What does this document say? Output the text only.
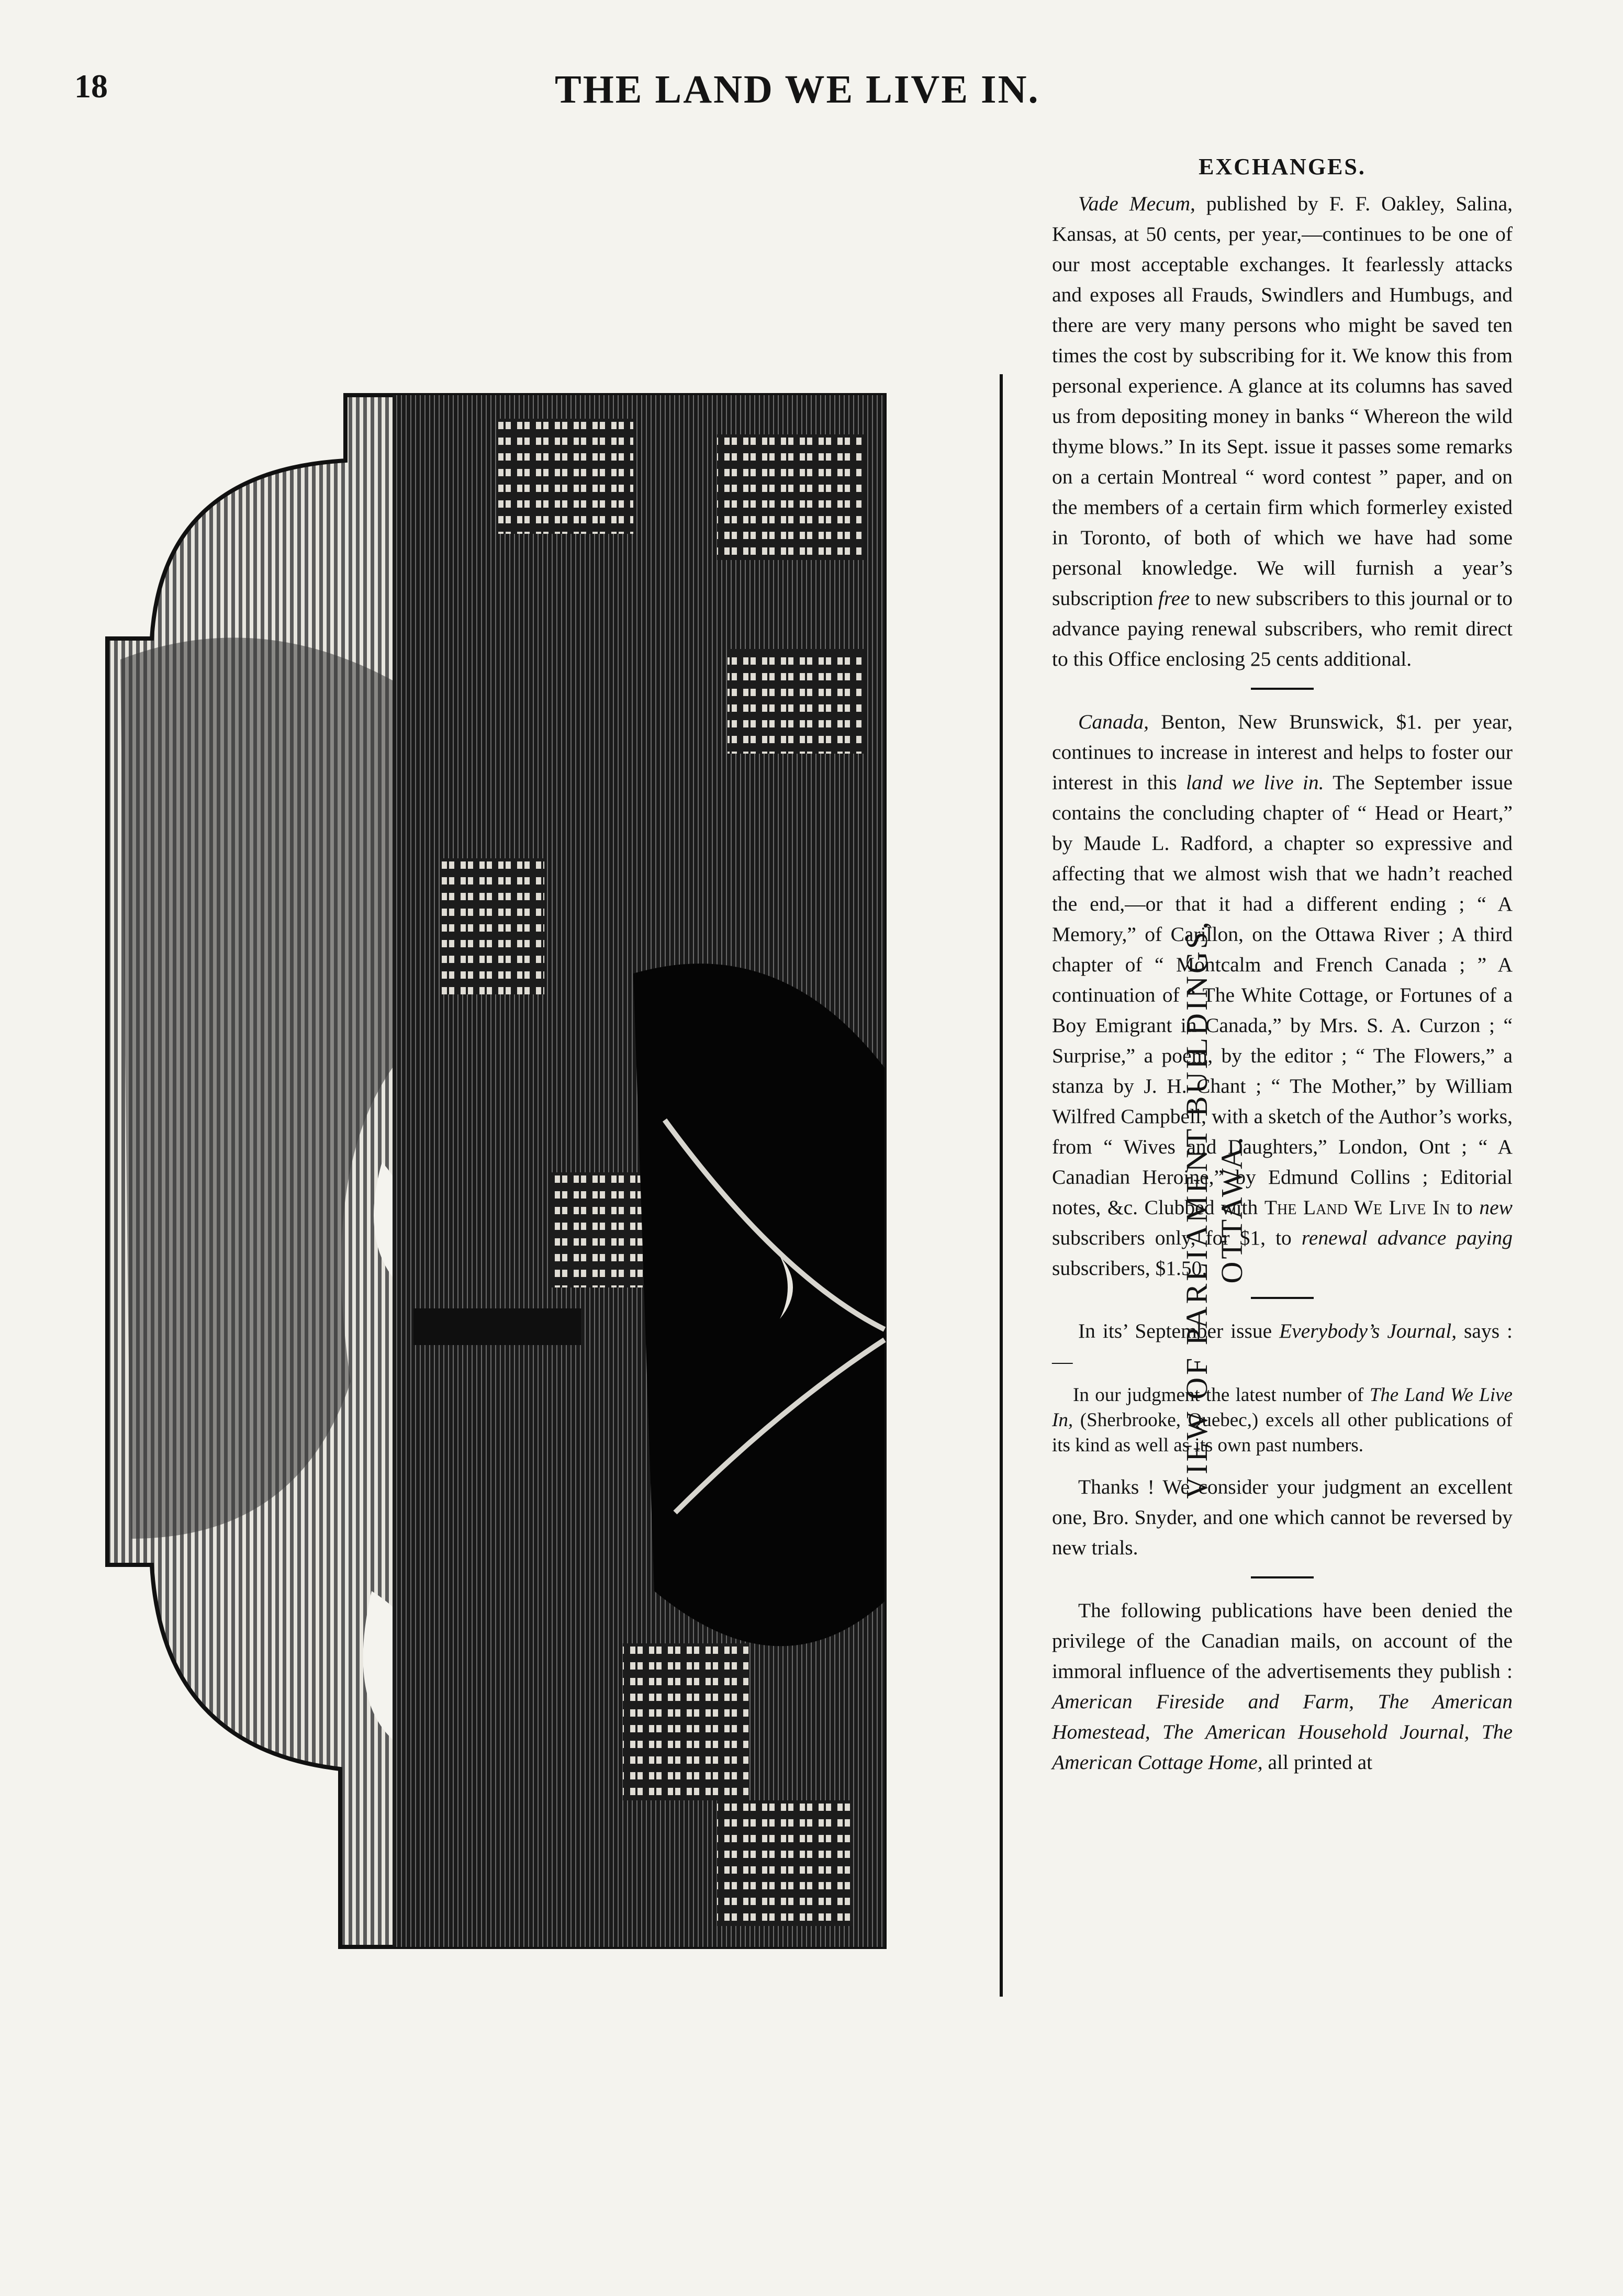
18	THE LAND WE LIVE IN.
VIEW OF PARLIAMENT BUILDINGS, OTTAWA.
EXCHANGES.

Vade Mecum, published by F. F. Oakley, Salina, Kansas, at 50 cents, per year,—continues to be one of our most acceptable exchanges. It fearlessly attacks and exposes all Frauds, Swindlers and Humbugs, and there are very many persons who might be saved ten times the cost by subscribing for it. We know this from personal experience. A glance at its columns has saved us from depositing money in banks “ Whereon the wild thyme blows.” In its Sept. issue it passes some remarks on a certain Montreal “ word contest ” paper, and on the members of a certain firm which formerley existed in Toronto, of both of which we have had some personal knowledge. We will furnish a year’s subscription free to new subscribers to this journal or to advance paying renewal subscribers, who remit direct to this Office enclosing 25 cents additional.

Canada, Benton, New Brunswick, $1. per year, continues to increase in interest and helps to foster our interest in this land we live in. The September issue contains the concluding chapter of “ Head or Heart,” by Maude L. Radford, a chapter so expressive and affecting that we almost wish that we hadn’t reached the end,—or that it had a different ending ; “ A Memory,” of Carillon, on the Ottawa River ; A third chapter of “ Montcalm and French Canada ; ” A continuation of “ The White Cottage, or Fortunes of a Boy Emigrant in Canada,” by Mrs. S. A. Curzon ; “ Surprise,” a poem, by the editor ; “ The Flowers,” a stanza by J. H. Chant ; “ The Mother,” by William Wilfred Campbell, with a sketch of the Author’s works, from “ Wives and Daughters,” London, Ont ; “ A Canadian Heroine,” by Edmund Collins ; Editorial notes, &c. Clubbed with The Land We Live In to new subscribers only, for $1, to renewal advance paying subscribers, $1.50.

In its’ September issue Everybody’s Journal, says :—

In our judgment the latest number of The Land We Live In, (Sherbrooke, Quebec,) excels all other publications of its kind as well as its own past numbers.

Thanks ! We consider your judgment an excellent one, Bro. Snyder, and one which cannot be reversed by new trials.

The following publications have been denied the privilege of the Canadian mails, on account of the immoral influence of the advertisements they publish : American Fireside and Farm, The American Homestead, The American Household Journal, The American Cottage Home, all printed at
